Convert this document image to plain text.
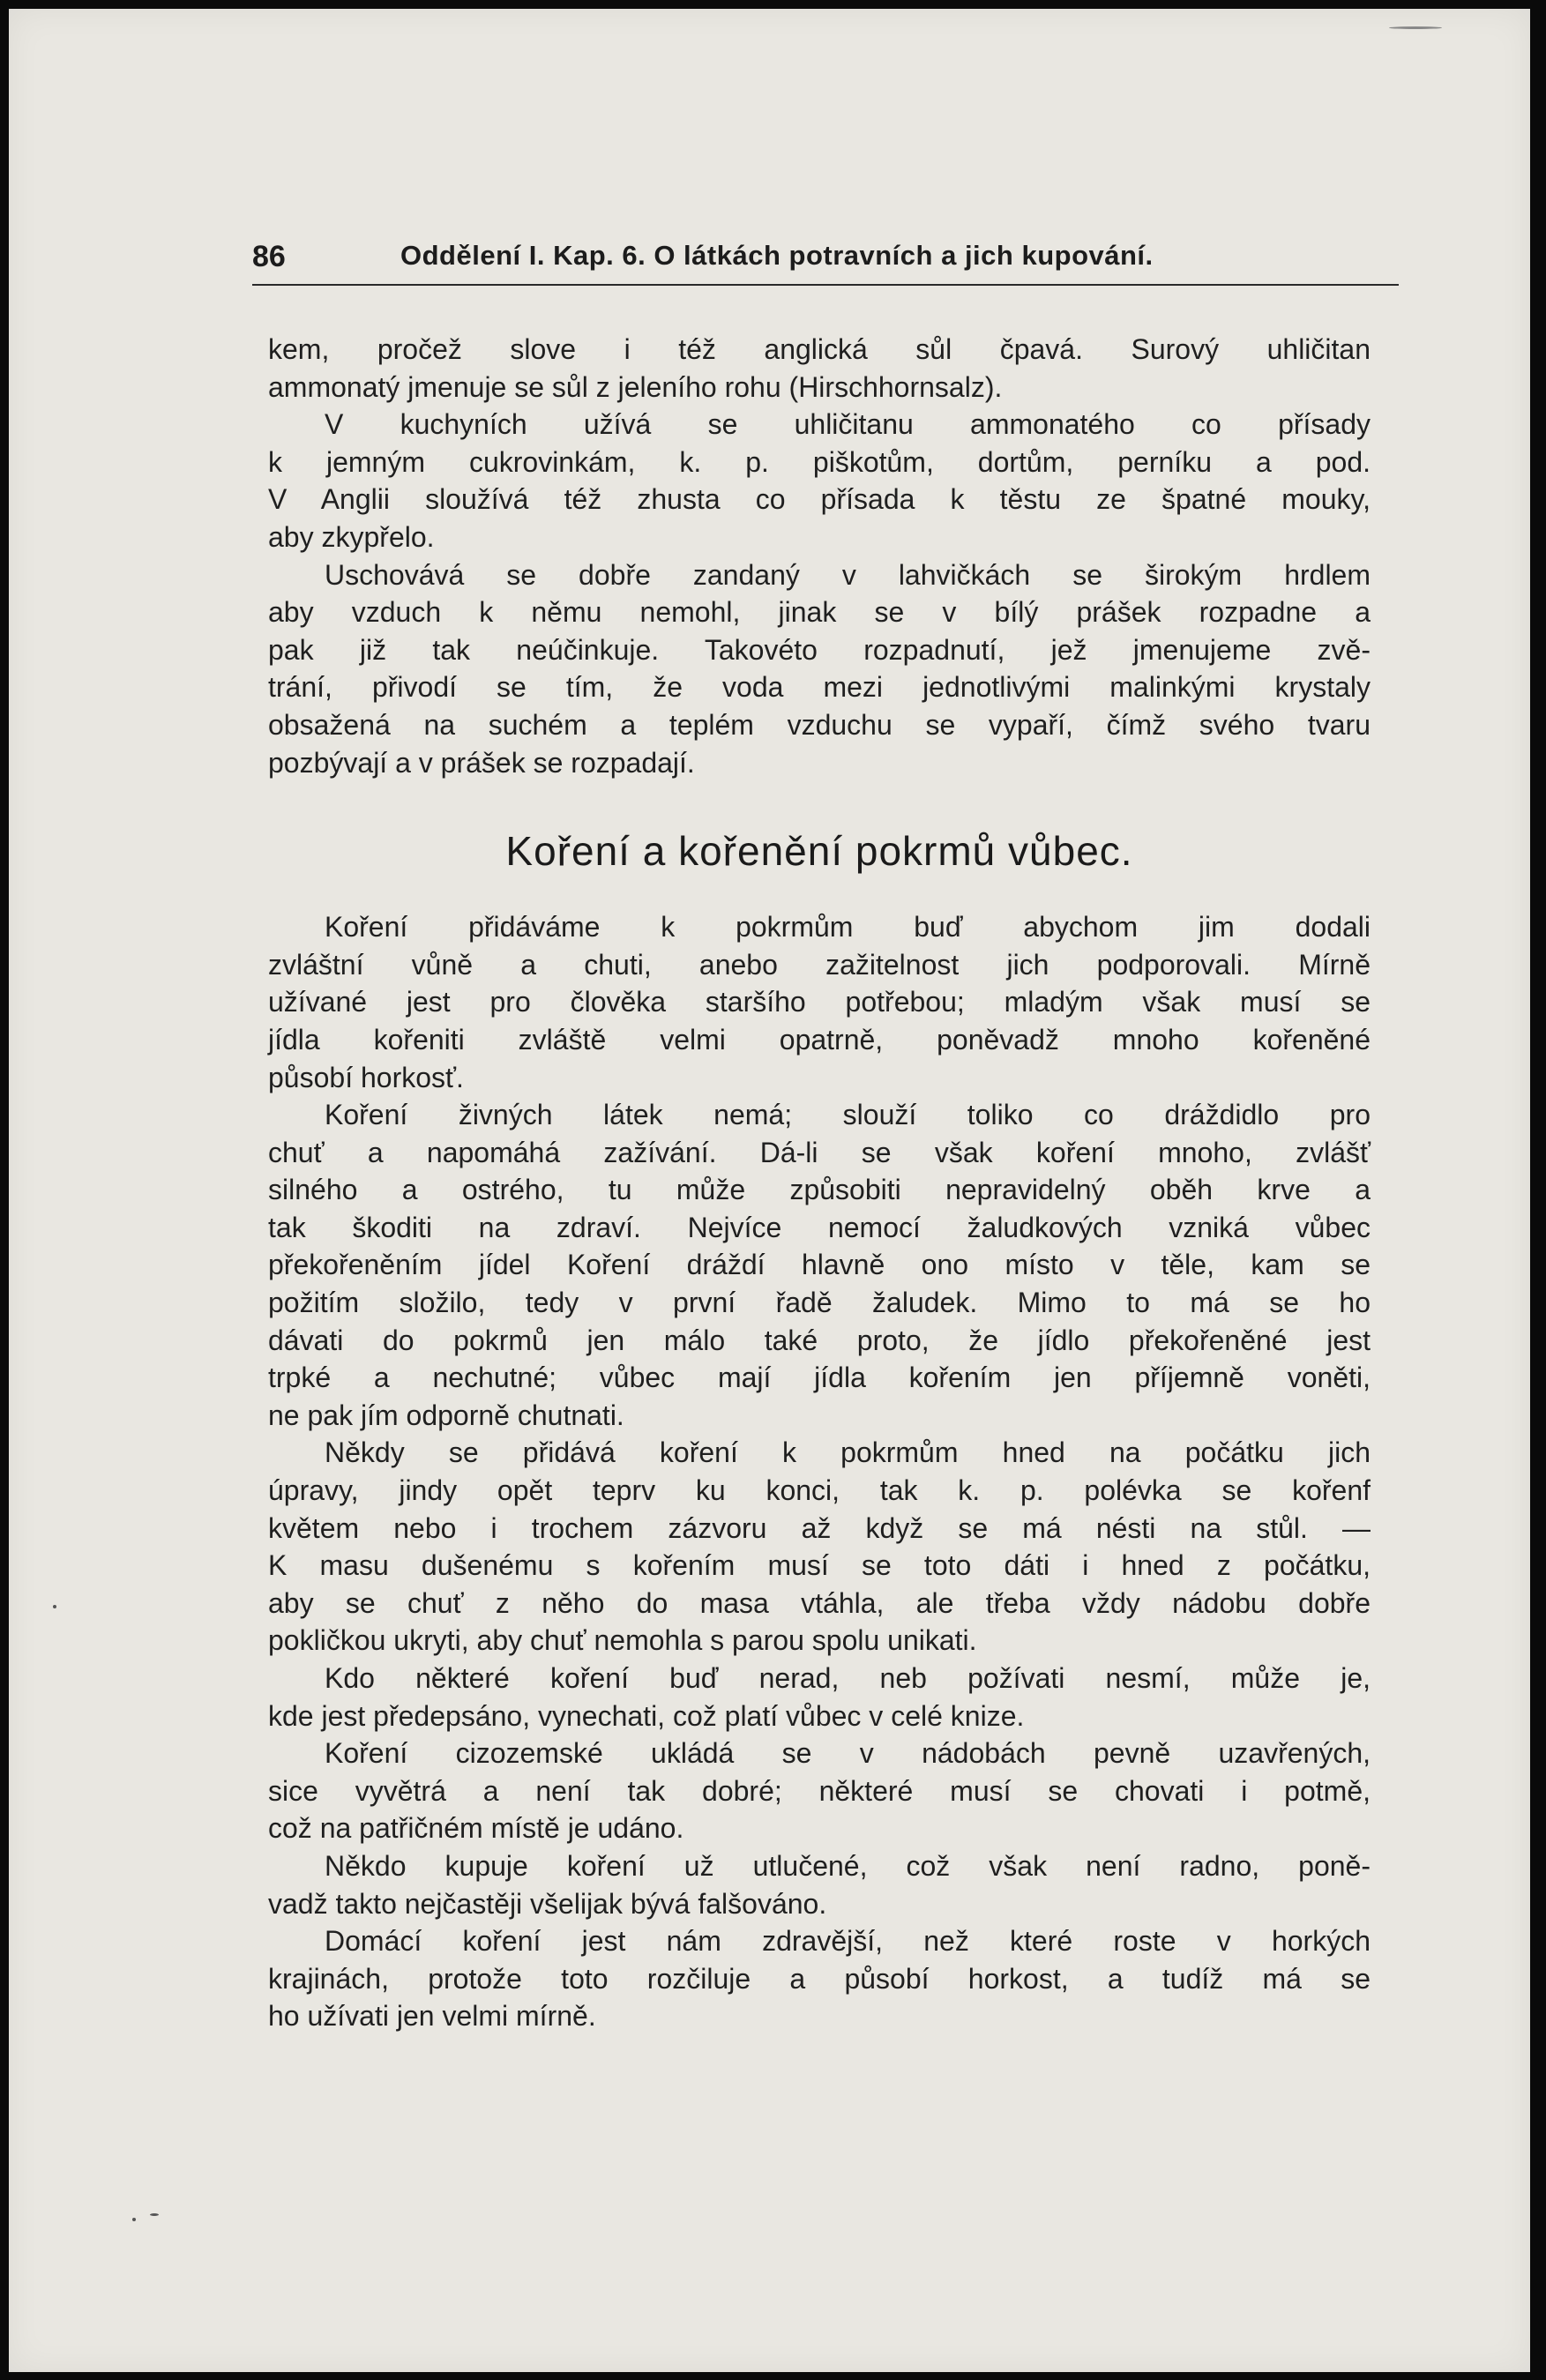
86	Oddělení I. Kap. 6. O látkách potravních a jich kupování.
kem, pročež slove i též anglická sůl čpavá. Surový uhličitan
ammonatý jmenuje se sůl z jeleního rohu (Hirschhornsalz).
V kuchyních užívá se uhličitanu ammonatého co přísady
k jemným cukrovinkám, k. p. piškotům, dortům, perníku a pod.
V Anglii sloužívá též zhusta co přísada k těstu ze špatné mouky,
aby zkypřelo.
Uschovává se dobře zandaný v lahvičkách se širokým hrdlem
aby vzduch k němu nemohl, jinak se v bílý prášek rozpadne a
pak již tak neúčinkuje. Takovéto rozpadnutí, jež jmenujeme zvě-
trání, přivodí se tím, že voda mezi jednotlivými malinkými krystaly
obsažená na suchém a teplém vzduchu se vypaří, čímž svého tvaru
pozbývají a v prášek se rozpadají.
Koření a kořenění pokrmů vůbec.
Koření přidáváme k pokrmům buď abychom jim dodali
zvláštní vůně a chuti, anebo zažitelnost jich podporovali. Mírně
užívané jest pro člověka staršího potřebou; mladým však musí se
jídla kořeniti zvláště velmi opatrně, poněvadž mnoho kořeněné
působí horkosť.
Koření živných látek nemá; slouží toliko co dráždidlo pro
chuť a napomáhá zažívání. Dá-li se však koření mnoho, zvlášť
silného a ostrého, tu může způsobiti nepravidelný oběh krve a
tak škoditi na zdraví. Nejvíce nemocí žaludkových vzniká vůbec
překořeněním jídel Koření dráždí hlavně ono místo v těle, kam se
požitím složilo, tedy v první řadě žaludek. Mimo to má se ho
dávati do pokrmů jen málo také proto, že jídlo překořeněné jest
trpké a nechutné; vůbec mají jídla kořením jen příjemně voněti,
ne pak jím odporně chutnati.
Někdy se přidává koření k pokrmům hned na počátku jich
úpravy, jindy opět teprv ku konci, tak k. p. polévka se kořenf
květem nebo i trochem zázvoru až když se má nésti na stůl. —
K masu dušenému s kořením musí se toto dáti i hned z počátku,
aby se chuť z něho do masa vtáhla, ale třeba vždy nádobu dobře
pokličkou ukryti, aby chuť nemohla s parou spolu unikati.
Kdo některé koření buď nerad, neb požívati nesmí, může je,
kde jest předepsáno, vynechati, což platí vůbec v celé knize.
Koření cizozemské ukládá se v nádobách pevně uzavřených,
sice vyvětrá a není tak dobré; některé musí se chovati i potmě,
což na patřičném místě je udáno.
Někdo kupuje koření už utlučené, což však není radno, poně-
vadž takto nejčastěji všelijak bývá falšováno.
Domácí koření jest nám zdravější, než které roste v horkých
krajinách, protože toto rozčiluje a působí horkost, a tudíž má se
ho užívati jen velmi mírně.
